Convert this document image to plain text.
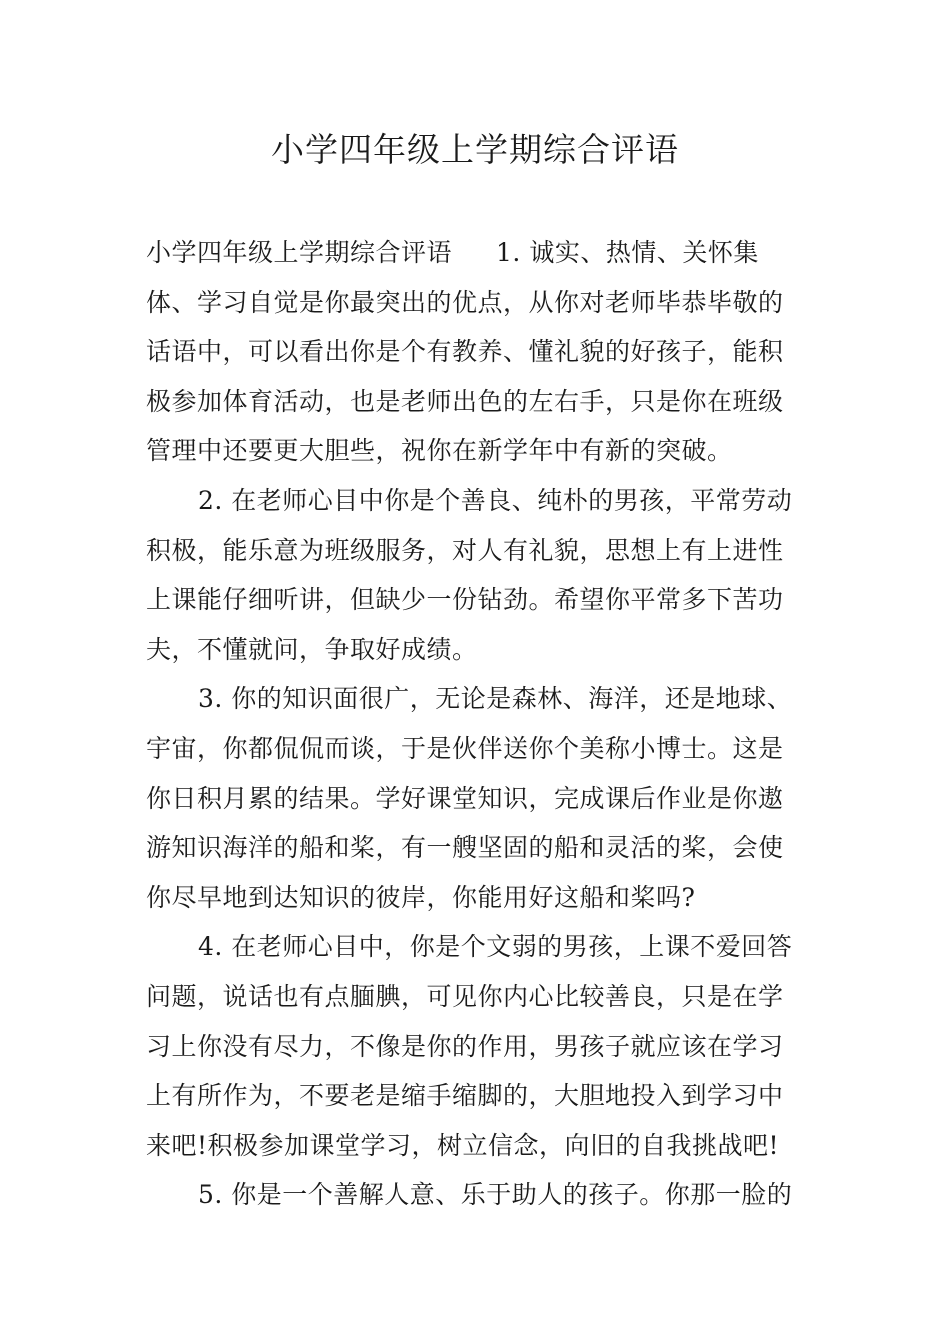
小学四年级上学期综合评语

小学四年级上学期综合评语 1. 诚实、热情、关怀集体、学习自觉是你最突出的优点，从你对老师毕恭毕敬的话语中，可以看出你是个有教养、懂礼貌的好孩子，能积极参加体育活动，也是老师出色的左右手，只是你在班级管理中还要更大胆些，祝你在新学年中有新的突破。

2. 在老师心目中你是个善良、纯朴的男孩，平常劳动积极，能乐意为班级服务，对人有礼貌，思想上有上进性上课能仔细听讲，但缺少一份钻劲。希望你平常多下苦功夫，不懂就问，争取好成绩。

3. 你的知识面很广，无论是森林、海洋，还是地球、宇宙，你都侃侃而谈，于是伙伴送你个美称小博士。这是你日积月累的结果。学好课堂知识，完成课后作业是你遨游知识海洋的船和桨，有一艘坚固的船和灵活的桨，会使你尽早地到达知识的彼岸，你能用好这船和桨吗?

4. 在老师心目中，你是个文弱的男孩，上课不爱回答问题，说话也有点腼腆，可见你内心比较善良，只是在学习上你没有尽力，不像是你的作用，男孩子就应该在学习上有所作为，不要老是缩手缩脚的，大胆地投入到学习中来吧!积极参加课堂学习，树立信念，向旧的自我挑战吧!

5. 你是一个善解人意、乐于助人的孩子。你那一脸的
